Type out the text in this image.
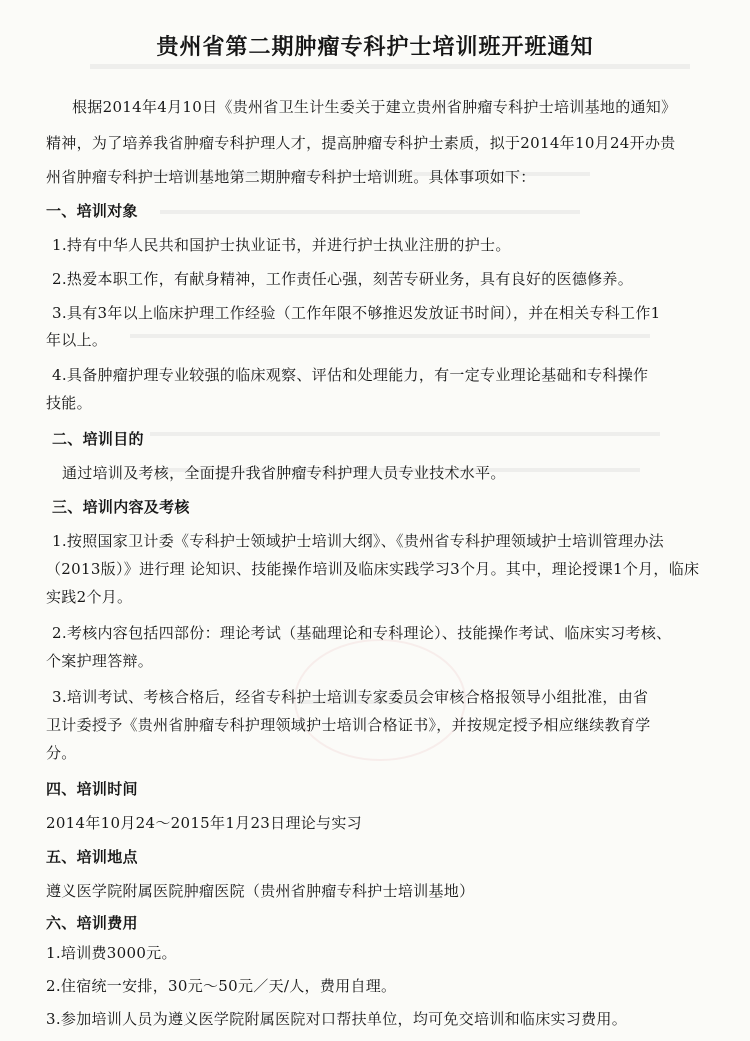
贵州省第二期肿瘤专科护士培训班开班通知
根据2014年4月10日《贵州省卫生计生委关于建立贵州省肿瘤专科护士培训基地的通知》
精神，为了培养我省肿瘤专科护理人才，提高肿瘤专科护士素质，拟于2014年10月24开办贵
州省肿瘤专科护士培训基地第二期肿瘤专科护士培训班。具体事项如下：
一、培训对象
1.持有中华人民共和国护士执业证书，并进行护士执业注册的护士。
2.热爱本职工作，有献身精神，工作责任心强，刻苦专研业务，具有良好的医德修养。
3.具有3年以上临床护理工作经验（工作年限不够推迟发放证书时间），并在相关专科工作1
年以上。
4.具备肿瘤护理专业较强的临床观察、评估和处理能力，有一定专业理论基础和专科操作
技能。
二、培训目的
通过培训及考核，全面提升我省肿瘤专科护理人员专业技术水平。
三、培训内容及考核
1.按照国家卫计委《专科护士领域护士培训大纲》、《贵州省专科护理领域护士培训管理办法
（2013版）》进行理 论知识、技能操作培训及临床实践学习3个月。其中，理论授课1个月，临床
实践2个月。
2.考核内容包括四部份：理论考试（基础理论和专科理论）、技能操作考试、临床实习考核、
个案护理答辩。
3.培训考试、考核合格后，经省专科护士培训专家委员会审核合格报领导小组批准，由省
卫计委授予《贵州省肿瘤专科护理领域护士培训合格证书》，并按规定授予相应继续教育学
分。
四、培训时间
2014年10月24～2015年1月23日理论与实习
五、培训地点
遵义医学院附属医院肿瘤医院（贵州省肿瘤专科护士培训基地）
六、培训费用
1.培训费3000元。
2.住宿统一安排，30元～50元／天/人，费用自理。
3.参加培训人员为遵义医学院附属医院对口帮扶单位，均可免交培训和临床实习费用。
